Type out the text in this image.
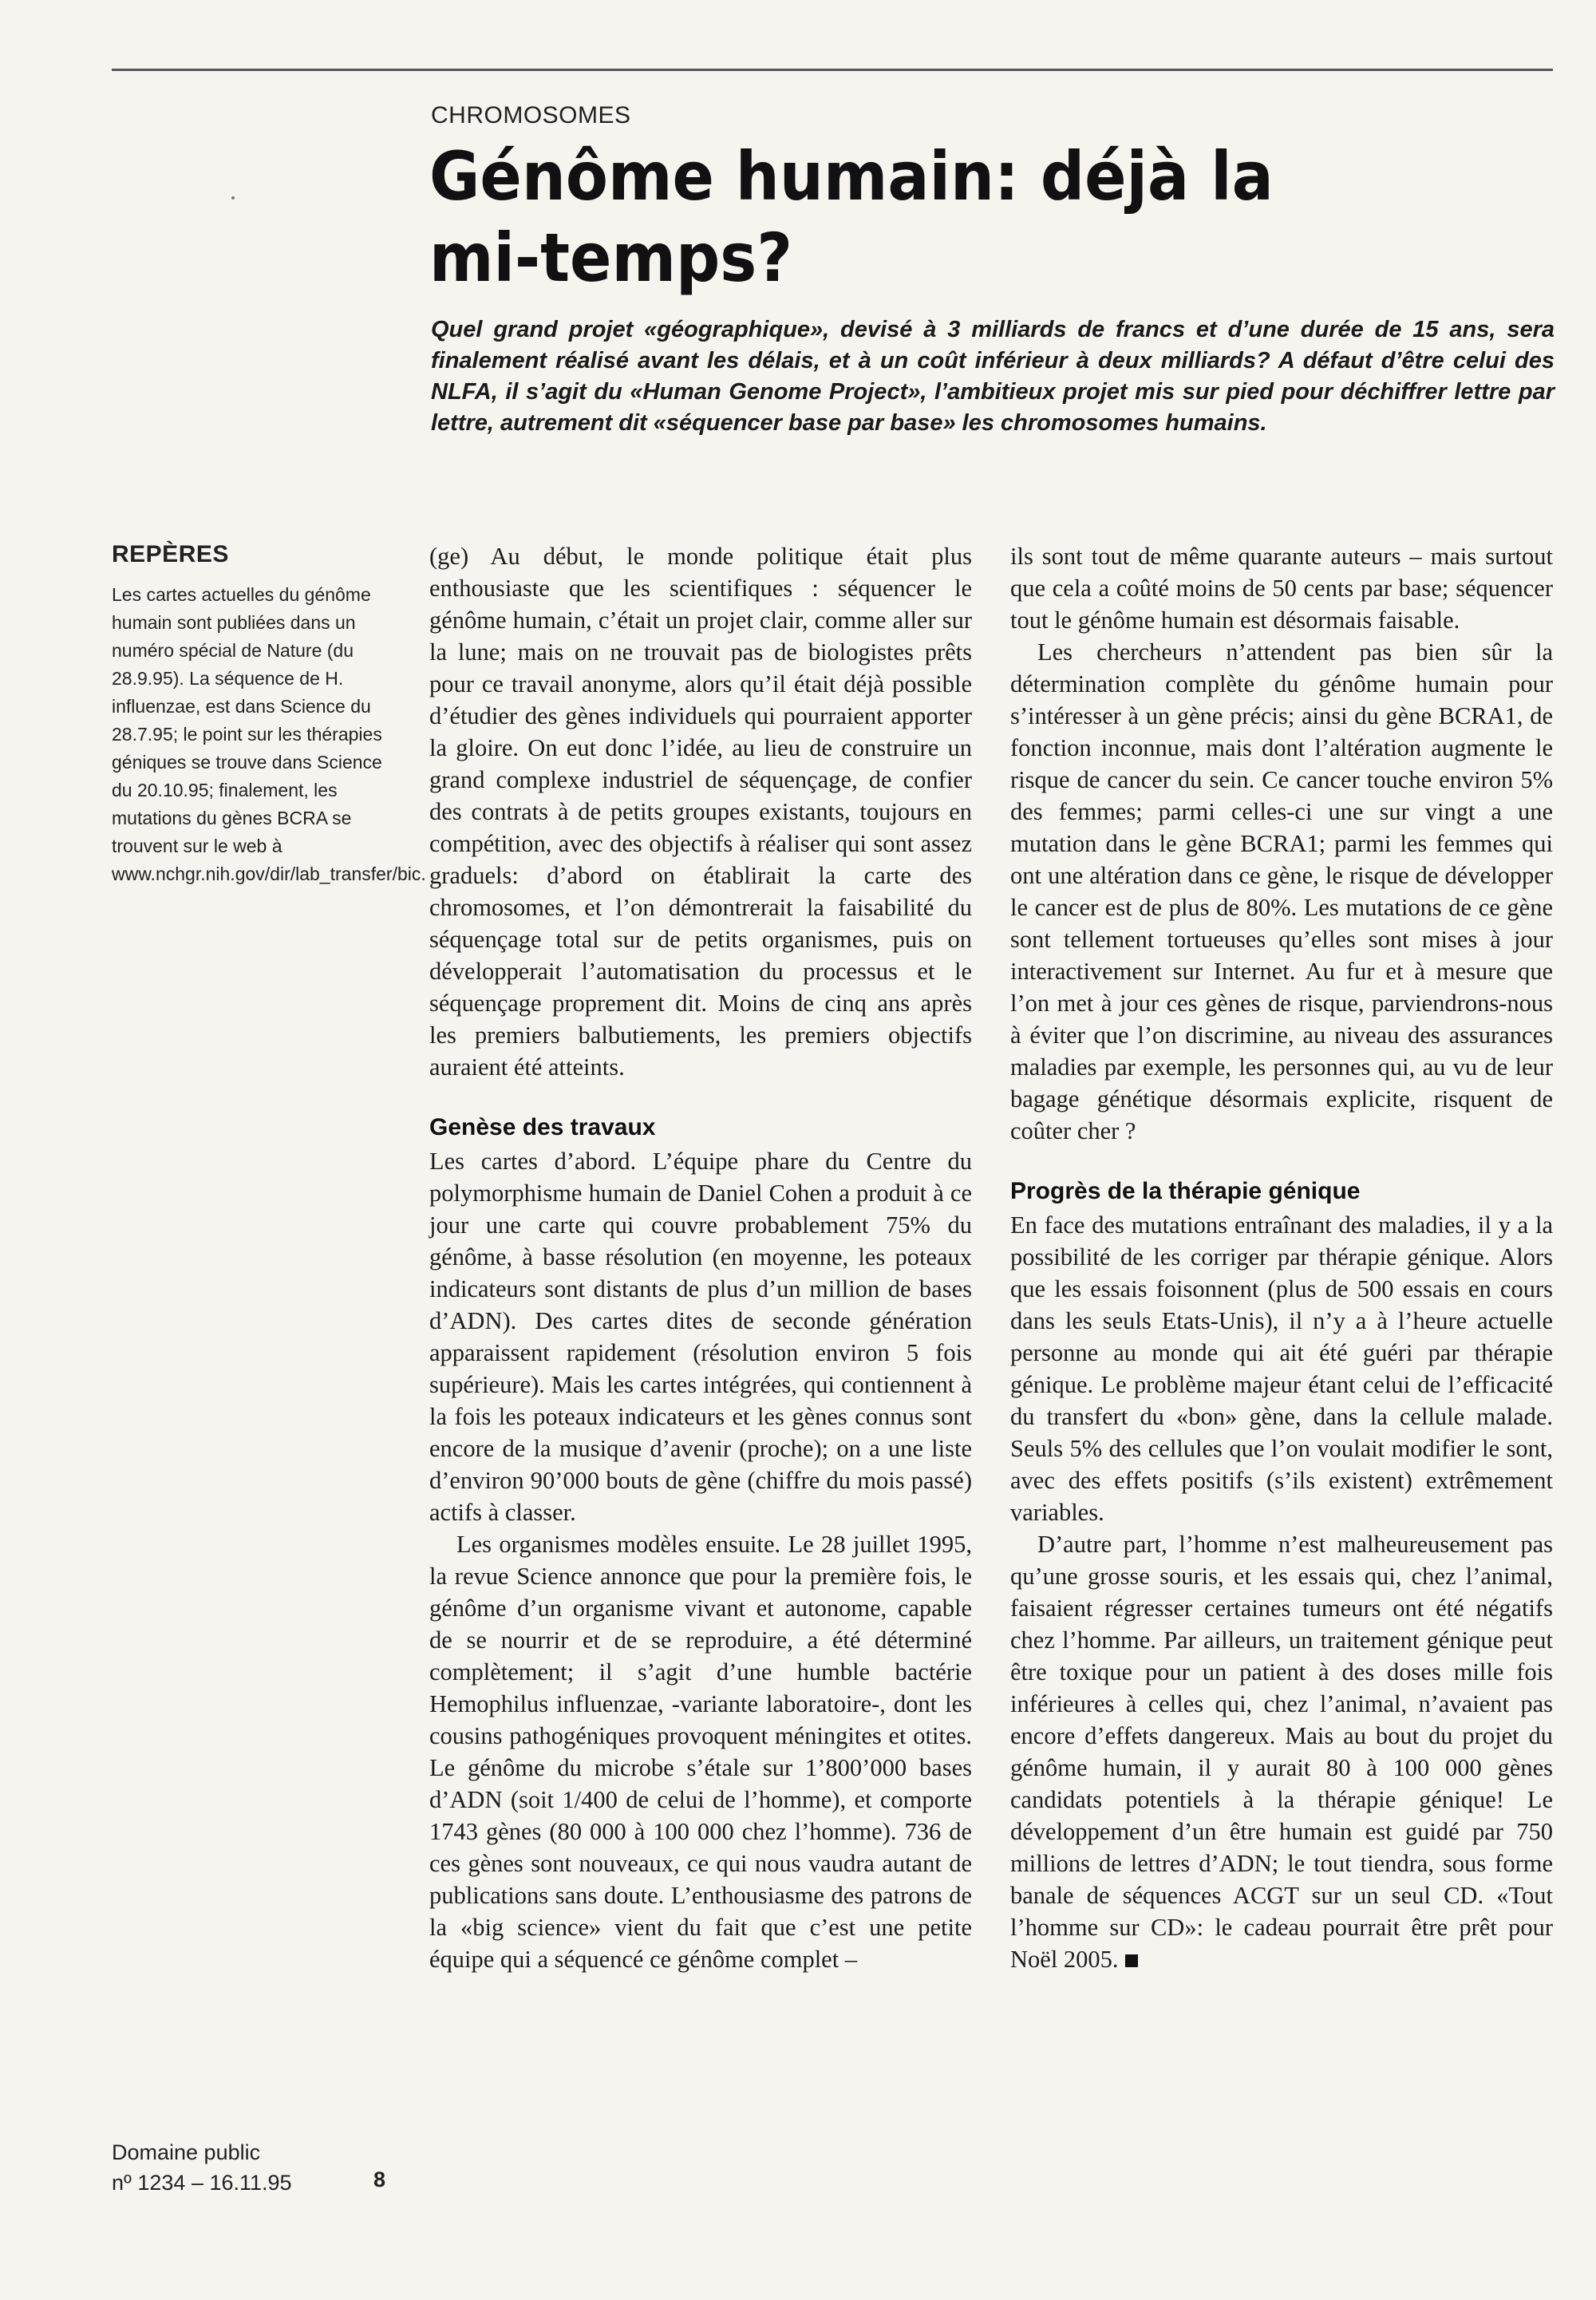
CHROMOSOMES
Génôme humain: déjà la mi-temps?

Quel grand projet «géographique», devisé à 3 milliards de francs et d’une durée de 15 ans, sera finalement réalisé avant les délais, et à un coût inférieur à deux milliards? A défaut d’être celui des NLFA, il s’agit du «Human Genome Project», l’ambitieux projet mis sur pied pour déchiffrer lettre par lettre, autrement dit «séquencer base par base» les chromosomes humains.

REPÈRES

Les cartes actuelles du génôme humain sont publiées dans un numéro spécial de Nature (du 28.9.95). La séquence de H. influenzae, est dans Science du 28.7.95; le point sur les thérapies géniques se trouve dans Science du 20.10.95; finalement, les mutations du gènes BCRA se trouvent sur le web à www.nchgr.nih.gov/dir/lab_transfer/bic.

(ge) Au début, le monde politique était plus enthousiaste que les scientifiques : séquencer le génôme humain, c’était un projet clair, comme aller sur la lune; mais on ne trouvait pas de biologistes prêts pour ce travail anonyme, alors qu’il était déjà possible d’étudier des gènes individuels qui pourraient apporter la gloire. On eut donc l’idée, au lieu de construire un grand complexe industriel de séquençage, de confier des contrats à de petits groupes existants, toujours en compétition, avec des objectifs à réaliser qui sont assez graduels: d’abord on établirait la carte des chromosomes, et l’on démontrerait la faisabilité du séquençage total sur de petits organismes, puis on développerait l’automatisation du processus et le séquençage proprement dit. Moins de cinq ans après les premiers balbutiements, les premiers objectifs auraient été atteints.

Genèse des travaux

Les cartes d’abord. L’équipe phare du Centre du polymorphisme humain de Daniel Cohen a produit à ce jour une carte qui couvre probablement 75% du génôme, à basse résolution (en moyenne, les poteaux indicateurs sont distants de plus d’un million de bases d’ADN). Des cartes dites de seconde génération apparaissent rapidement (résolution environ 5 fois supérieure). Mais les cartes intégrées, qui contiennent à la fois les poteaux indicateurs et les gènes connus sont encore de la musique d’avenir (proche); on a une liste d’environ 90’000 bouts de gène (chiffre du mois passé) actifs à classer.

Les organismes modèles ensuite. Le 28 juillet 1995, la revue Science annonce que pour la première fois, le génôme d’un organisme vivant et autonome, capable de se nourrir et de se reproduire, a été déterminé complètement; il s’agit d’une humble bactérie Hemophilus influenzae, -variante laboratoire-, dont les cousins pathogéniques provoquent méningites et otites. Le génôme du microbe s’étale sur 1’800’000 bases d’ADN (soit 1/400 de celui de l’homme), et comporte 1743 gènes (80 000 à 100 000 chez l’homme). 736 de ces gènes sont nouveaux, ce qui nous vaudra autant de publications sans doute. L’enthousiasme des patrons de la «big science» vient du fait que c’est une petite équipe qui a séquencé ce génôme complet –

ils sont tout de même quarante auteurs – mais surtout que cela a coûté moins de 50 cents par base; séquencer tout le génôme humain est désormais faisable.

Les chercheurs n’attendent pas bien sûr la détermination complète du génôme humain pour s’intéresser à un gène précis; ainsi du gène BCRA1, de fonction inconnue, mais dont l’altération augmente le risque de cancer du sein. Ce cancer touche environ 5% des femmes; parmi celles-ci une sur vingt a une mutation dans le gène BCRA1; parmi les femmes qui ont une altération dans ce gène, le risque de développer le cancer est de plus de 80%. Les mutations de ce gène sont tellement tortueuses qu’elles sont mises à jour interactivement sur Internet. Au fur et à mesure que l’on met à jour ces gènes de risque, parviendrons-nous à éviter que l’on discrimine, au niveau des assurances maladies par exemple, les personnes qui, au vu de leur bagage génétique désormais explicite, risquent de coûter cher ?

Progrès de la thérapie génique

En face des mutations entraînant des maladies, il y a la possibilité de les corriger par thérapie génique. Alors que les essais foisonnent (plus de 500 essais en cours dans les seuls Etats-Unis), il n’y a à l’heure actuelle personne au monde qui ait été guéri par thérapie génique. Le problème majeur étant celui de l’efficacité du transfert du «bon» gène, dans la cellule malade. Seuls 5% des cellules que l’on voulait modifier le sont, avec des effets positifs (s’ils existent) extrêmement variables.

D’autre part, l’homme n’est malheureusement pas qu’une grosse souris, et les essais qui, chez l’animal, faisaient régresser certaines tumeurs ont été négatifs chez l’homme. Par ailleurs, un traitement génique peut être toxique pour un patient à des doses mille fois inférieures à celles qui, chez l’animal, n’avaient pas encore d’effets dangereux. Mais au bout du projet du génôme humain, il y aurait 80 à 100 000 gènes candidats potentiels à la thérapie génique! Le développement d’un être humain est guidé par 750 millions de lettres d’ADN; le tout tiendra, sous forme banale de séquences ACGT sur un seul CD. «Tout l’homme sur CD»: le cadeau pourrait être prêt pour Noël 2005.

Domaine public
nº 1234 – 16.11.95	8
